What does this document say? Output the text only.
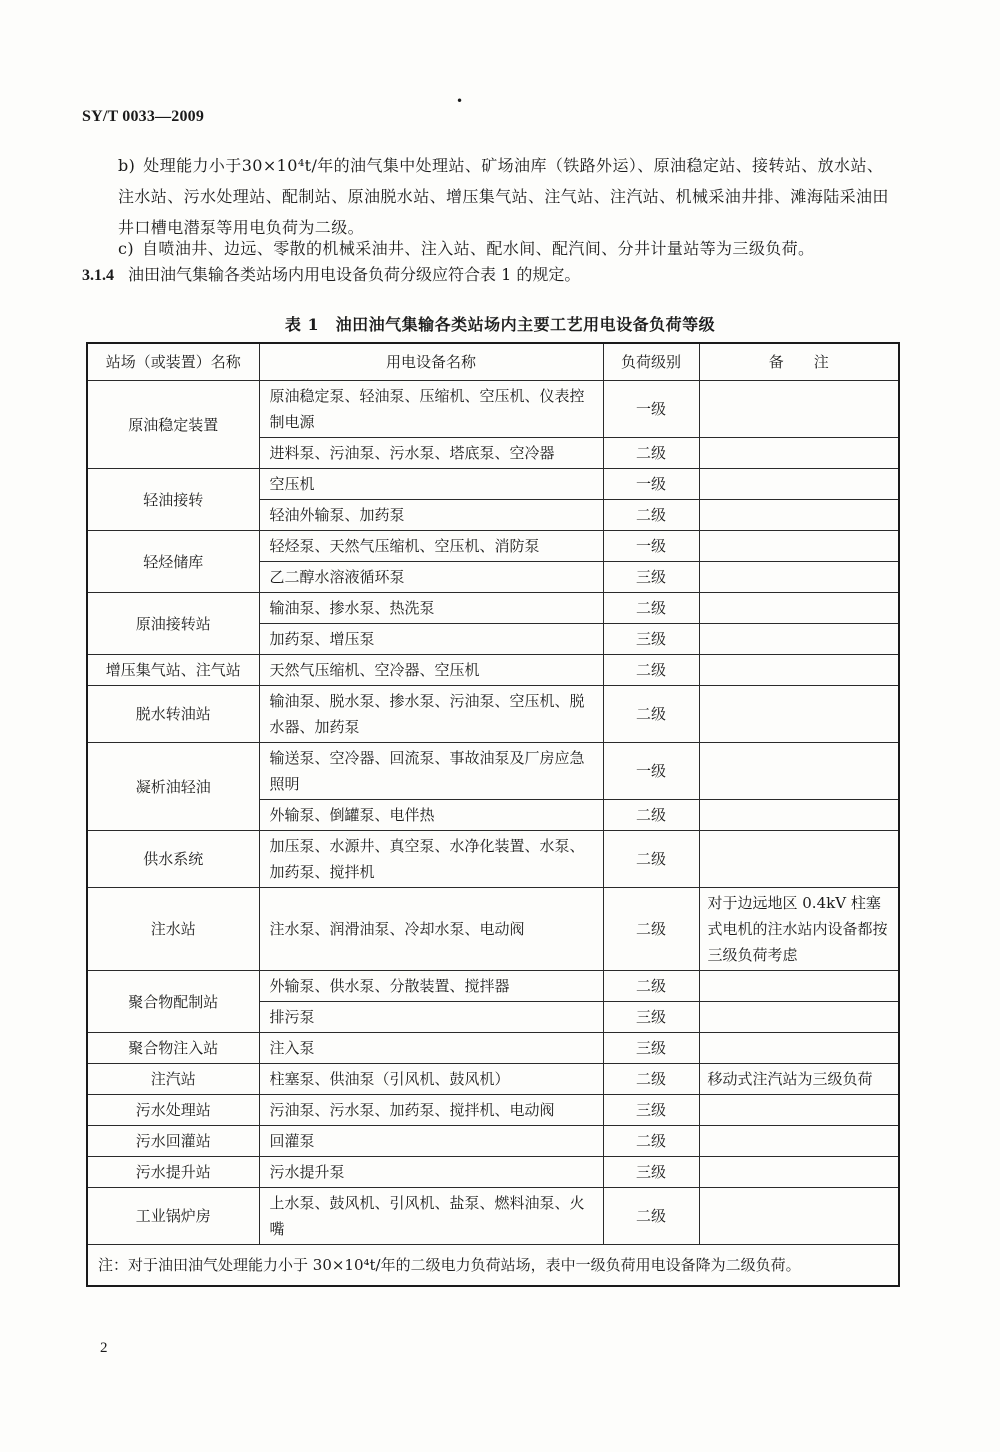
SY/T 0033—2009
•
b) 处理能力小于30×10⁴t/年的油气集中处理站、矿场油库（铁路外运）、原油稳定站、接转站、放水站、注水站、污水处理站、配制站、原油脱水站、增压集气站、注气站、注汽站、机械采油井排、滩海陆采油田井口槽电潜泵等用电负荷为二级。
c) 自喷油井、边远、零散的机械采油井、注入站、配水间、配汽间、分井计量站等为三级负荷。
3.1.4 油田油气集输各类站场内用电设备负荷分级应符合表 1 的规定。
表 1　油田油气集输各类站场内主要工艺用电设备负荷等级
站场（或装置）名称	用电设备名称	负荷级别	备　　注
原油稳定装置	原油稳定泵、轻油泵、压缩机、空压机、仪表控制电源	一级	
	进料泵、污油泵、污水泵、塔底泵、空冷器	二级	
轻油接转	空压机	一级	
	轻油外输泵、加药泵	二级	
轻烃储库	轻烃泵、天然气压缩机、空压机、消防泵	一级	
	乙二醇水溶液循环泵	三级	
原油接转站	输油泵、掺水泵、热洗泵	二级	
	加药泵、增压泵	三级	
增压集气站、注气站	天然气压缩机、空冷器、空压机	二级	
脱水转油站	输油泵、脱水泵、掺水泵、污油泵、空压机、脱水器、加药泵	二级	
凝析油轻油	输送泵、空冷器、回流泵、事故油泵及厂房应急照明	一级	
	外输泵、倒罐泵、电伴热	二级	
供水系统	加压泵、水源井、真空泵、水净化装置、水泵、加药泵、搅拌机	二级	
注水站	注水泵、润滑油泵、冷却水泵、电动阀	二级	对于边远地区 0.4kV 柱塞式电机的注水站内设备都按三级负荷考虑
聚合物配制站	外输泵、供水泵、分散装置、搅拌器	二级	
	排污泵	三级	
聚合物注入站	注入泵	三级	
注汽站	柱塞泵、供油泵（引风机、鼓风机）	二级	移动式注汽站为三级负荷
污水处理站	污油泵、污水泵、加药泵、搅拌机、电动阀	三级	
污水回灌站	回灌泵	二级	
污水提升站	污水提升泵	三级	
工业锅炉房	上水泵、鼓风机、引风机、盐泵、燃料油泵、火嘴	二级	
注：对于油田油气处理能力小于 30×10⁴t/年的二级电力负荷站场，表中一级负荷用电设备降为二级负荷。			
2
